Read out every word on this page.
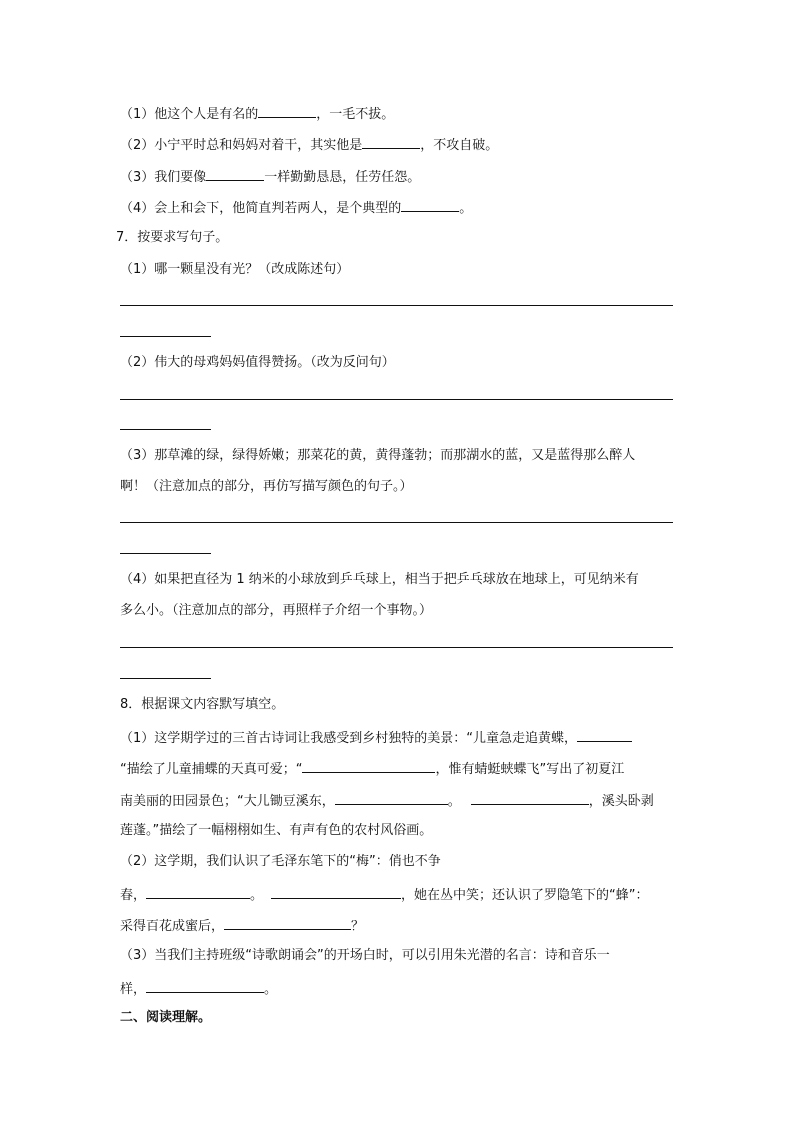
（1）他这个人是有名的	，一毛不拔。
（2）小宁平时总和妈妈对着干，其实他是	，不攻自破。
（3）我们要像	一样勤勤恳恳，任劳任怨。
（4）会上和会下，他简直判若两人，是个典型的	。
7．按要求写句子。
（1）哪一颗星没有光？（改成陈述句）
（2）伟大的母鸡妈妈值得赞扬。（改为反问句）
（3）那草滩的绿，绿得娇嫩；那菜花的黄，黄得蓬勃；而那湖水的蓝，又是蓝得那么醉人
啊！（注意加点的部分，再仿写描写颜色的句子。）
（4）如果把直径为 1 纳米的小球放到乒乓球上，相当于把乒乓球放在地球上，可见纳米有
多么小。（注意加点的部分，再照样子介绍一个事物。）
8．根据课文内容默写填空。
（1）这学期学过的三首古诗词让我感受到乡村独特的美景：“儿童急走追黄蝶，
“描绘了儿童捕蝶的天真可爱；“	，惟有蜻蜓蛱蝶飞”写出了初夏江
南美丽的田园景色；“大儿锄豆溪东，	。	，溪头卧剥
莲蓬。”描绘了一幅栩栩如生、有声有色的农村风俗画。
（2）这学期，我们认识了毛泽东笔下的“梅”：俏也不争
春，	。	，她在丛中笑；还认识了罗隐笔下的“蜂”：
采得百花成蜜后，	？
（3）当我们主持班级“诗歌朗诵会”的开场白时，可以引用朱光潜的名言：诗和音乐一
样，	。
二、阅读理解。
